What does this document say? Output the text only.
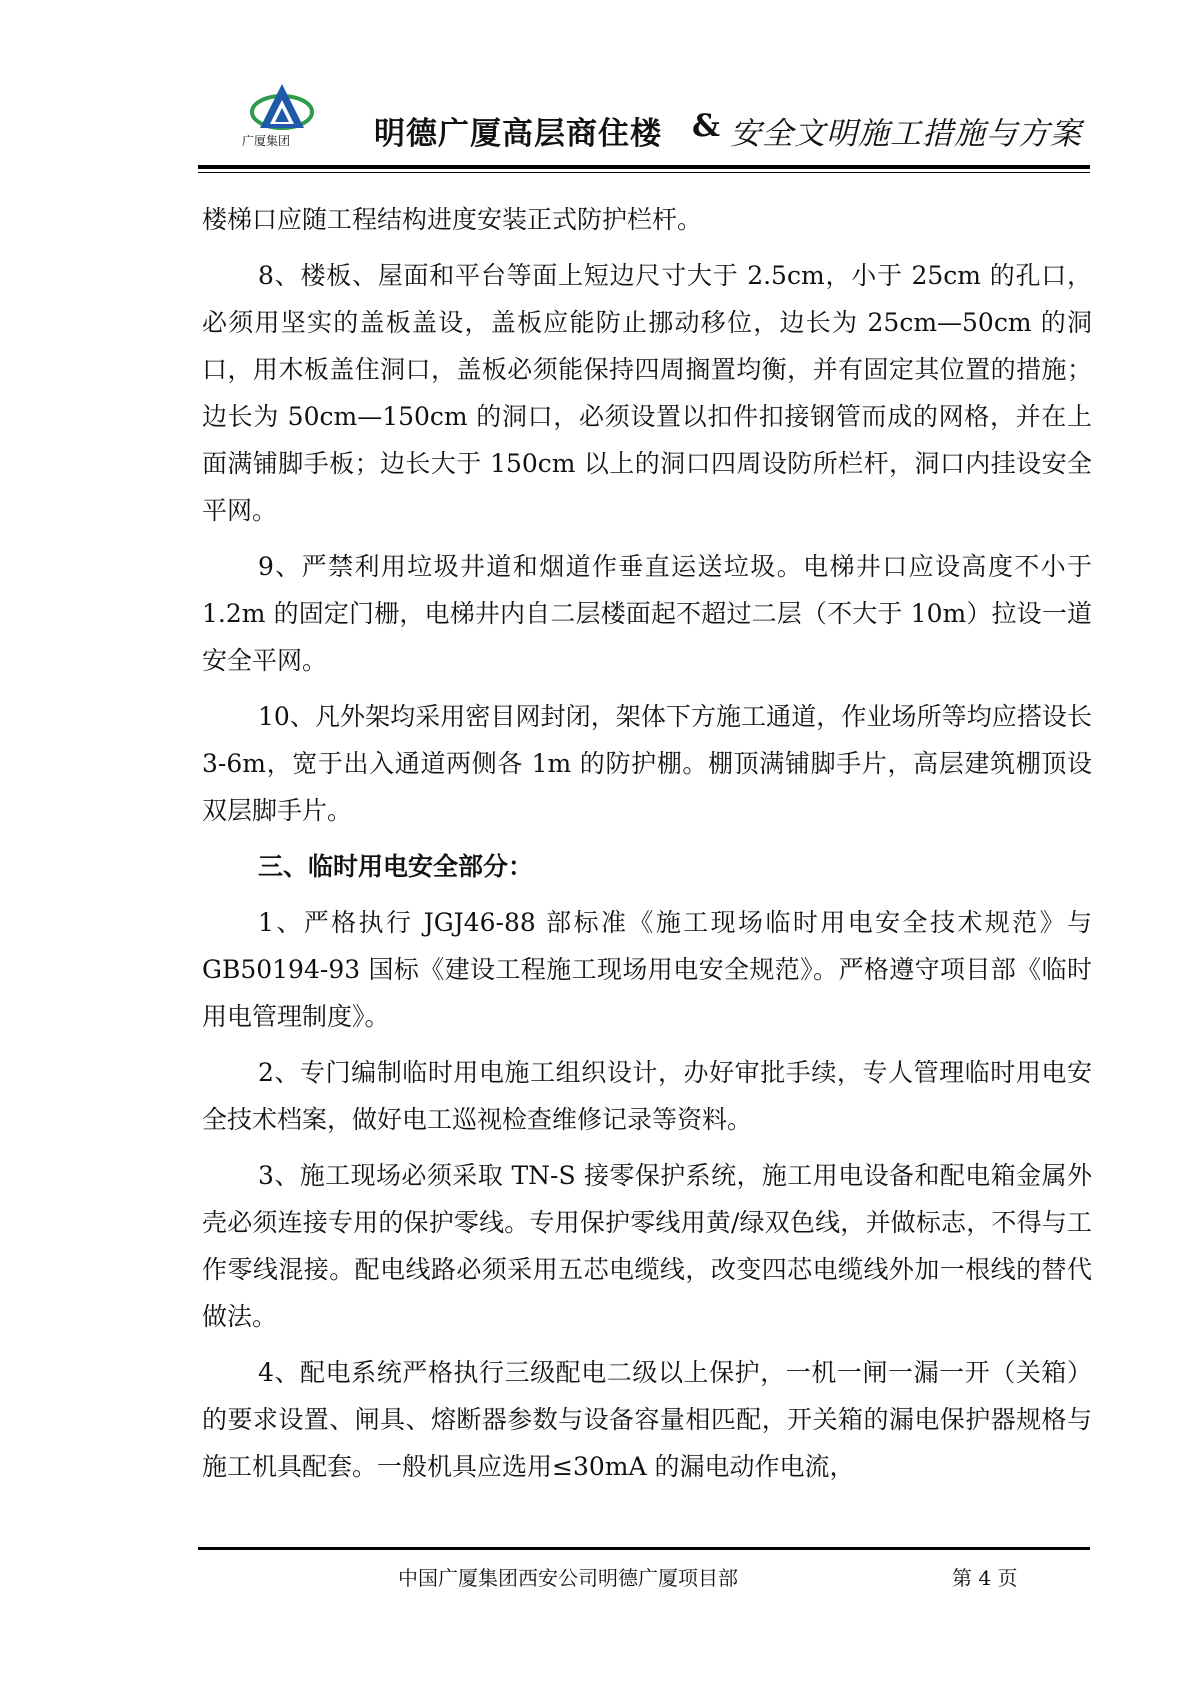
广厦集团	明德广厦高层商住楼 & 安全文明施工措施与方案

楼梯口应随工程结构进度安装正式防护栏杆。

8、楼板、屋面和平台等面上短边尺寸大于 2.5cm，小于 25cm 的孔口，必须用坚实的盖板盖设，盖板应能防止挪动移位，边长为 25cm—50cm 的洞口，用木板盖住洞口，盖板必须能保持四周搁置均衡，并有固定其位置的措施；边长为 50cm—150cm 的洞口，必须设置以扣件扣接钢管而成的网格，并在上面满铺脚手板；边长大于 150cm 以上的洞口四周设防所栏杆，洞口内挂设安全平网。

9、严禁利用垃圾井道和烟道作垂直运送垃圾。电梯井口应设高度不小于 1.2m 的固定门栅，电梯井内自二层楼面起不超过二层（不大于 10m）拉设一道安全平网。

10、凡外架均采用密目网封闭，架体下方施工通道，作业场所等均应搭设长 3-6m，宽于出入通道两侧各 1m 的防护棚。棚顶满铺脚手片，高层建筑棚顶设双层脚手片。

三、临时用电安全部分：

1、严格执行 JGJ46-88 部标准《施工现场临时用电安全技术规范》与 GB50194-93 国标《建设工程施工现场用电安全规范》。严格遵守项目部《临时用电管理制度》。

2、专门编制临时用电施工组织设计，办好审批手续，专人管理临时用电安全技术档案，做好电工巡视检查维修记录等资料。

3、施工现场必须采取 TN-S 接零保护系统，施工用电设备和配电箱金属外壳必须连接专用的保护零线。专用保护零线用黄/绿双色线，并做标志，不得与工作零线混接。配电线路必须采用五芯电缆线，改变四芯电缆线外加一根线的替代做法。

4、配电系统严格执行三级配电二级以上保护，一机一闸一漏一开（关箱）的要求设置、闸具、熔断器参数与设备容量相匹配，开关箱的漏电保护器规格与施工机具配套。一般机具应选用≤30mA 的漏电动作电流，

中国广厦集团西安公司明德广厦项目部	第 4 页
